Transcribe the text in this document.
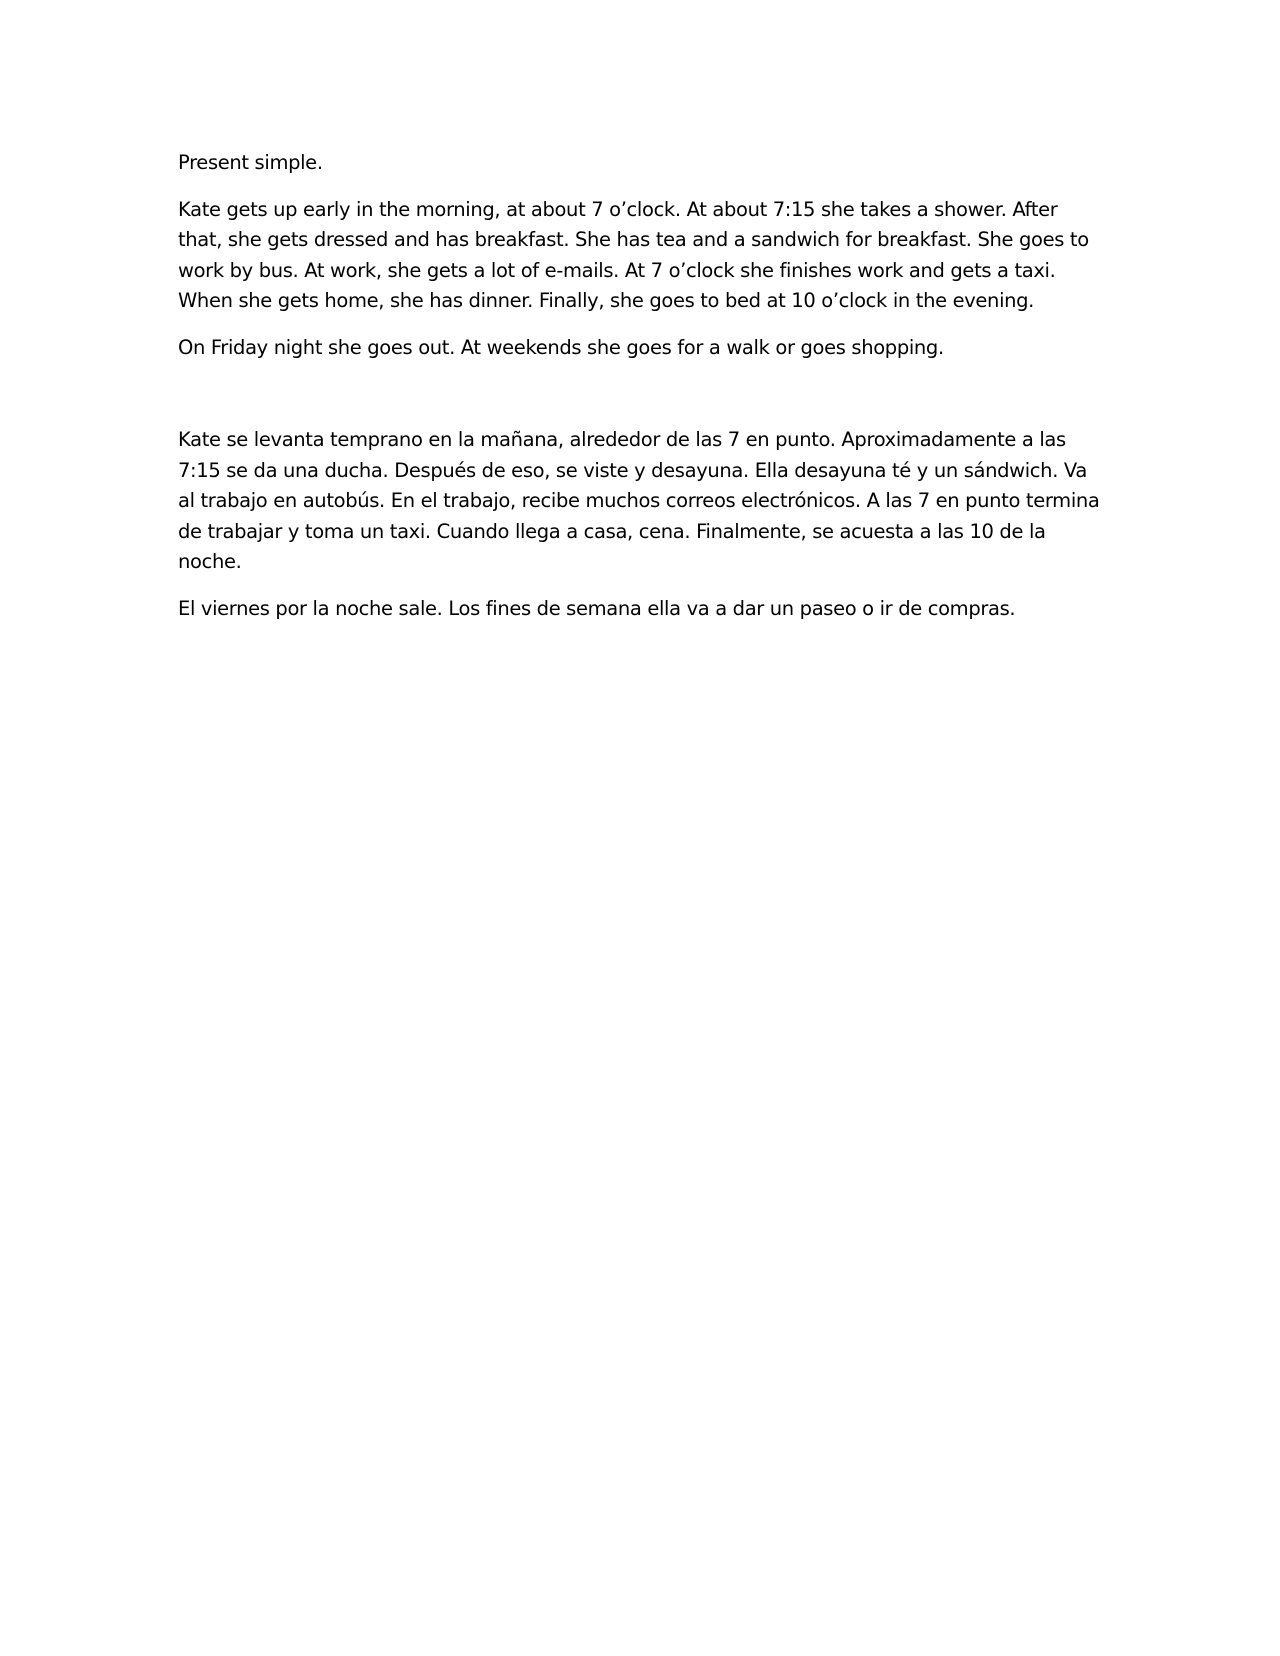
Present simple.

Kate gets up early in the morning, at about 7 o’clock. At about 7:15 she takes a shower. After that, she gets dressed and has breakfast. She has tea and a sandwich for breakfast. She goes to work by bus. At work, she gets a lot of e-mails. At 7 o’clock she finishes work and gets a taxi. When she gets home, she has dinner. Finally, she goes to bed at 10 o’clock in the evening.

On Friday night she goes out. At weekends she goes for a walk or goes shopping.

Kate se levanta temprano en la mañana, alrededor de las 7 en punto. Aproximadamente a las 7:15 se da una ducha. Después de eso, se viste y desayuna. Ella desayuna té y un sándwich. Va al trabajo en autobús. En el trabajo, recibe muchos correos electrónicos. A las 7 en punto termina de trabajar y toma un taxi. Cuando llega a casa, cena. Finalmente, se acuesta a las 10 de la noche.

El viernes por la noche sale. Los fines de semana ella va a dar un paseo o ir de compras.
